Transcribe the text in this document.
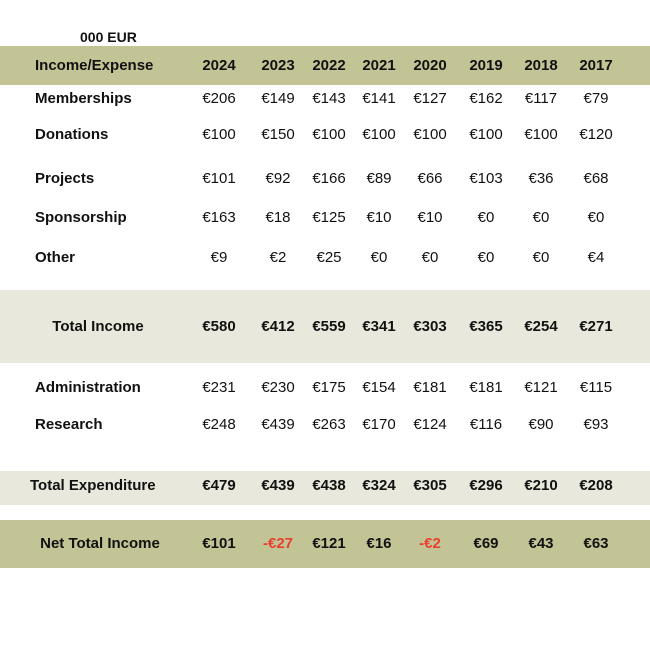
000 EUR
Income/Expense	2024	2023	2022	2021	2020	2019	2018	2017
Memberships	€206	€149	€143	€141	€127	€162	€117	€79
Donations	€100	€150	€100	€100	€100	€100	€100	€120
Projects	€101	€92	€166	€89	€66	€103	€36	€68
Sponsorship	€163	€18	€125	€10	€10	€0	€0	€0
Other	€9	€2	€25	€0	€0	€0	€0	€4
Total Income	€580	€412	€559	€341	€303	€365	€254	€271
Administration	€231	€230	€175	€154	€181	€181	€121	€115
Research	€248	€439	€263	€170	€124	€116	€90	€93
Total Expenditure	€479	€439	€438	€324	€305	€296	€210	€208
Net Total Income	€101	-€27	€121	€16	-€2	€69	€43	€63
